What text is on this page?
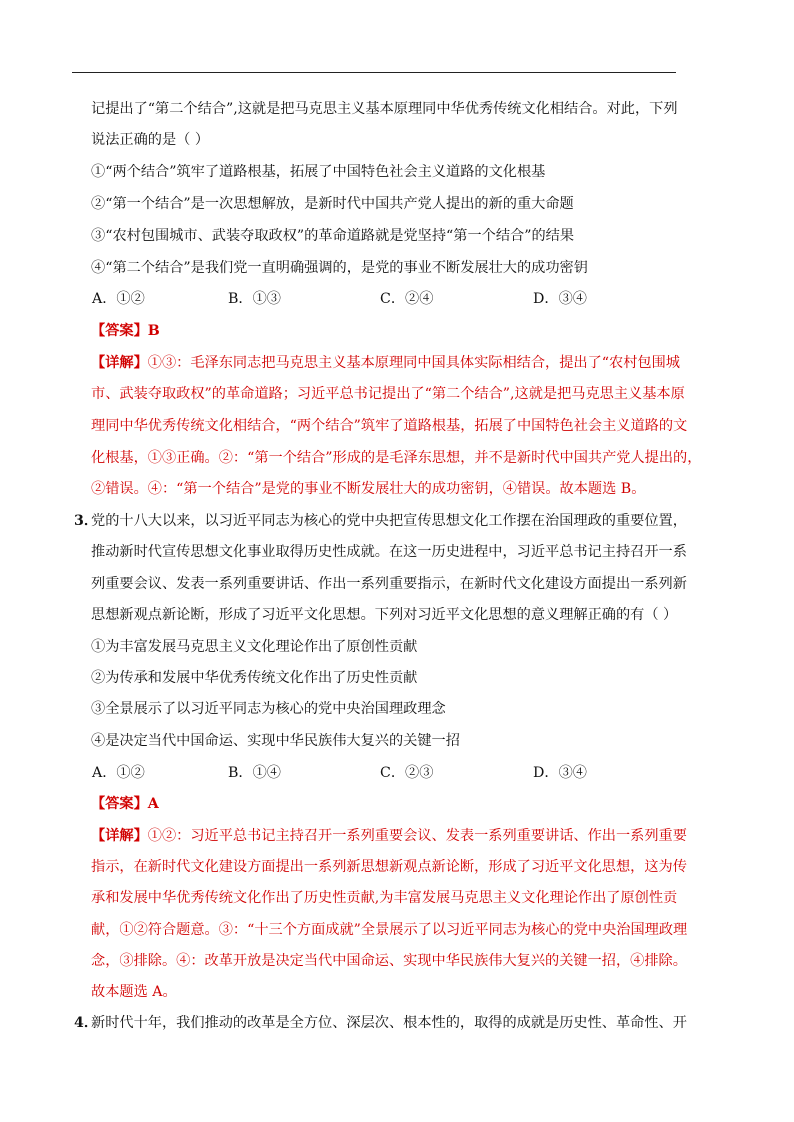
记提出了“第二个结合”,这就是把马克思主义基本原理同中华优秀传统文化相结合。对此，下列
说法正确的是（ ）
①“两个结合”筑牢了道路根基，拓展了中国特色社会主义道路的文化根基
②“第一个结合”是一次思想解放，是新时代中国共产党人提出的新的重大命题
③“农村包围城市、武装夺取政权”的革命道路就是党坚持“第一个结合”的结果
④“第二个结合”是我们党一直明确强调的，是党的事业不断发展壮大的成功密钥
A．①②	B．①③	C．②④	D．③④
【答案】B
【详解】①③：毛泽东同志把马克思主义基本原理同中国具体实际相结合，提出了“农村包围城
市、武装夺取政权”的革命道路；习近平总书记提出了“第二个结合”,这就是把马克思主义基本原
理同中华优秀传统文化相结合，“两个结合”筑牢了道路根基，拓展了中国特色社会主义道路的文
化根基，①③正确。②：“第一个结合”形成的是毛泽东思想，并不是新时代中国共产党人提出的，
②错误。④：“第一个结合”是党的事业不断发展壮大的成功密钥，④错误。故本题选 B。
3．
党的十八大以来，以习近平同志为核心的党中央把宣传思想文化工作摆在治国理政的重要位置，
推动新时代宣传思想文化事业取得历史性成就。在这一历史进程中，习近平总书记主持召开一系
列重要会议、发表一系列重要讲话、作出一系列重要指示，在新时代文化建设方面提出一系列新
思想新观点新论断，形成了习近平文化思想。下列对习近平文化思想的意义理解正确的有（ ）
①为丰富发展马克思主义文化理论作出了原创性贡献
②为传承和发展中华优秀传统文化作出了历史性贡献
③全景展示了以习近平同志为核心的党中央治国理政理念
④是决定当代中国命运、实现中华民族伟大复兴的关键一招
A．①②	B．①④	C．②③	D．③④
【答案】A
【详解】①②：习近平总书记主持召开一系列重要会议、发表一系列重要讲话、作出一系列重要
指示，在新时代文化建设方面提出一系列新思想新观点新论断，形成了习近平文化思想，这为传
承和发展中华优秀传统文化作出了历史性贡献,为丰富发展马克思主义文化理论作出了原创性贡
献，①②符合题意。③：“十三个方面成就”全景展示了以习近平同志为核心的党中央治国理政理
念，③排除。④：改革开放是决定当代中国命运、实现中华民族伟大复兴的关键一招，④排除。
故本题选 A。
4．
新时代十年，我们推动的改革是全方位、深层次、根本性的，取得的成就是历史性、革命性、开
